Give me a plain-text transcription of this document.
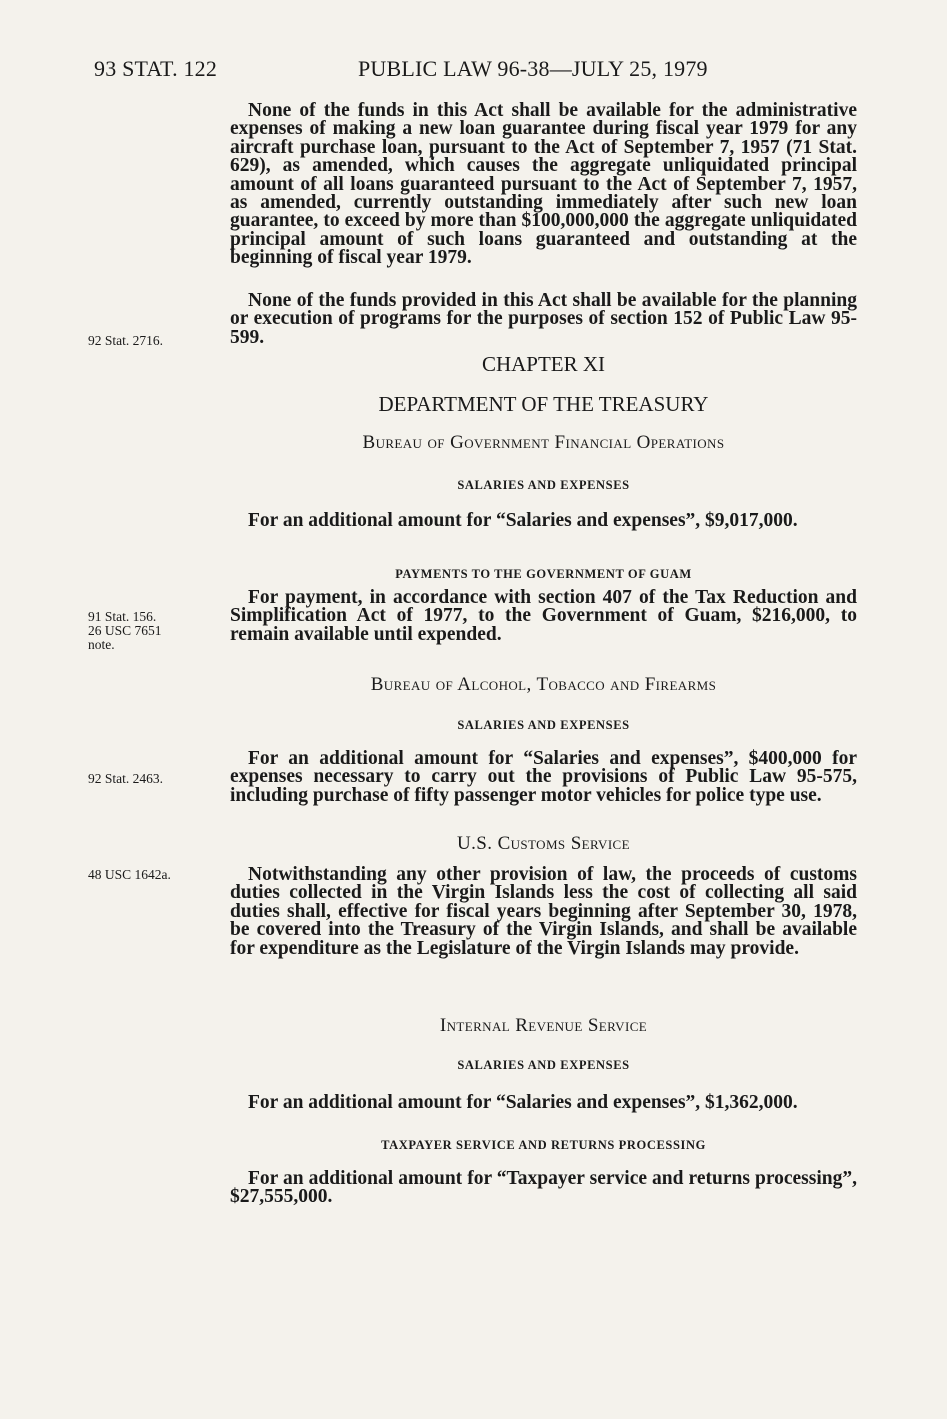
93 STAT. 122	PUBLIC LAW 96-38—JULY 25, 1979
None of the funds in this Act shall be available for the administrative expenses of making a new loan guarantee during fiscal year 1979 for any aircraft purchase loan, pursuant to the Act of September 7, 1957 (71 Stat. 629), as amended, which causes the aggregate unliquidated principal amount of all loans guaranteed pursuant to the Act of September 7, 1957, as amended, currently outstanding immediately after such new loan guarantee, to exceed by more than $100,000,000 the aggregate unliquidated principal amount of such loans guaranteed and outstanding at the beginning of fiscal year 1979.
None of the funds provided in this Act shall be available for the planning or execution of programs for the purposes of section 152 of Public Law 95-599.
92 Stat. 2716.
CHAPTER XI
DEPARTMENT OF THE TREASURY
Bureau of Government Financial Operations
SALARIES AND EXPENSES
For an additional amount for “Salaries and expenses”, $9,017,000.
PAYMENTS TO THE GOVERNMENT OF GUAM
For payment, in accordance with section 407 of the Tax Reduction and Simplification Act of 1977, to the Government of Guam, $216,000, to remain available until expended.
91 Stat. 156.
26 USC 7651
note.
Bureau of Alcohol, Tobacco and Firearms
SALARIES AND EXPENSES
For an additional amount for “Salaries and expenses”, $400,000 for expenses necessary to carry out the provisions of Public Law 95-575, including purchase of fifty passenger motor vehicles for police type use.
92 Stat. 2463.
U.S. Customs Service
Notwithstanding any other provision of law, the proceeds of customs duties collected in the Virgin Islands less the cost of collecting all said duties shall, effective for fiscal years beginning after September 30, 1978, be covered into the Treasury of the Virgin Islands, and shall be available for expenditure as the Legislature of the Virgin Islands may provide.
48 USC 1642a.
Internal Revenue Service
SALARIES AND EXPENSES
For an additional amount for “Salaries and expenses”, $1,362,000.
TAXPAYER SERVICE AND RETURNS PROCESSING
For an additional amount for “Taxpayer service and returns processing”, $27,555,000.
